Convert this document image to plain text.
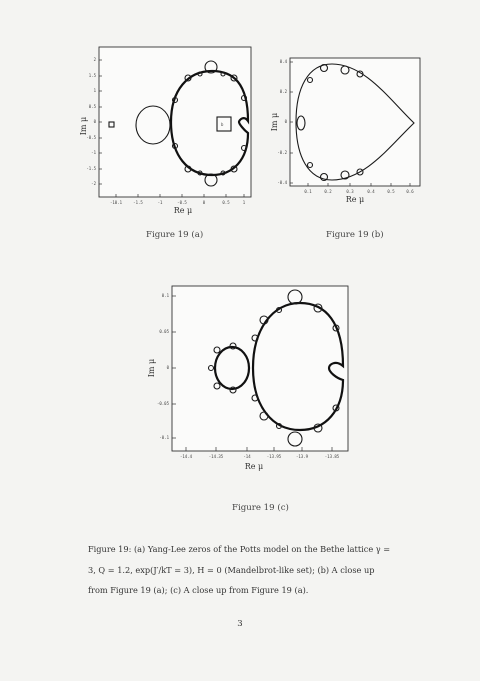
b
2
1.5
1
0.5
0
-0.5
-1
-1.5
-2
-10.1	-1.5	-1	-0.5	0	0.5	1
Im μ
Re μ
Figure 19 (a)
0.4
0.2
0
-0.2
-0.4
0.1	0.2	0.3	0.4	0.5	0.6
Im μ
Re μ
Figure 19 (b)
0.1
0.05
0
-0.05
-0.1
-14.4	-14.35	-14	-13.95	-13.9	-13.85
Im μ
Re μ
Figure 19 (c)
Figure 19: (a) Yang-Lee zeros of the Potts model on the Bethe lattice γ = 3, Q = 1.2, exp(J′/kT = 3), H = 0 (Mandelbrot-like set); (b) A close up from Figure 19 (a); (c) A close up from Figure 19 (a).
3
